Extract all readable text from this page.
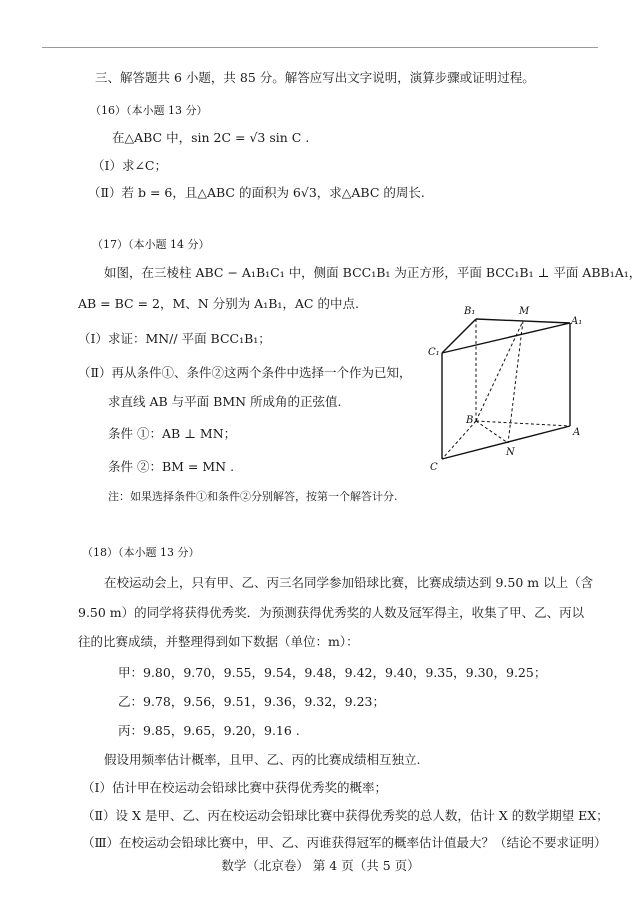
三、解答题共 6 小题，共 85 分。解答应写出文字说明，演算步骤或证明过程。
（16）（本小题 13 分）
在△ABC 中，sin 2C = √3 sin C .
（Ⅰ）求∠C；
（Ⅱ）若 b = 6，且△ABC 的面积为 6√3，求△ABC 的周长.
（17）（本小题 14 分）
如图，在三棱柱 ABC − A₁B₁C₁ 中，侧面 BCC₁B₁ 为正方形，平面 BCC₁B₁ ⊥ 平面 ABB₁A₁，
AB = BC = 2，M、N 分别为 A₁B₁，AC 的中点.
（Ⅰ）求证：MN// 平面 BCC₁B₁；
（Ⅱ）再从条件①、条件②这两个条件中选择一个作为已知，
求直线 AB 与平面 BMN 所成角的正弦值.
条件 ①：AB ⊥ MN；
条件 ②：BM = MN .
注：如果选择条件①和条件②分别解答，按第一个解答计分.
B₁	M
A₁
C₁
B
A
N
C
（18）（本小题 13 分）
在校运动会上，只有甲、乙、丙三名同学参加铅球比赛，比赛成绩达到 9.50 m 以上（含
9.50 m）的同学将获得优秀奖．为预测获得优秀奖的人数及冠军得主，收集了甲、乙、丙以
往的比赛成绩，并整理得到如下数据（单位：m）：
甲：9.80，9.70，9.55，9.54，9.48，9.42，9.40，9.35，9.30，9.25；
乙：9.78，9.56，9.51，9.36，9.32，9.23；
丙：9.85，9.65，9.20，9.16 .
假设用频率估计概率，且甲、乙、丙的比赛成绩相互独立.
（Ⅰ）估计甲在校运动会铅球比赛中获得优秀奖的概率；
（Ⅱ）设 X 是甲、乙、丙在校运动会铅球比赛中获得优秀奖的总人数，估计 X 的数学期望 EX；
（Ⅲ）在校运动会铅球比赛中，甲、乙、丙谁获得冠军的概率估计值最大？（结论不要求证明）
数学（北京卷） 第 4 页（共 5 页）
